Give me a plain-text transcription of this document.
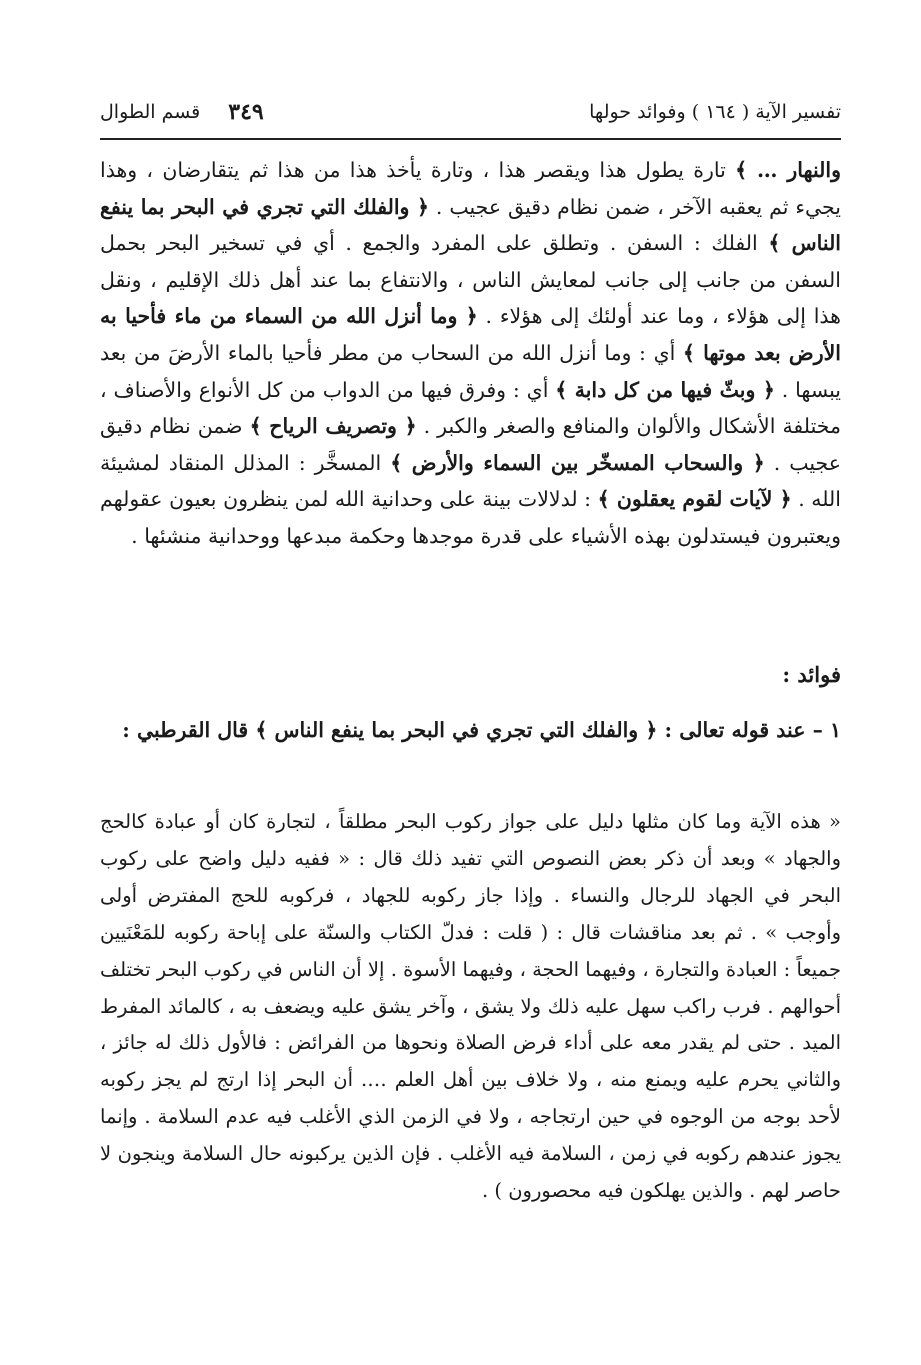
تفسير الآية ( ١٦٤ ) وفوائد حولها
قسم الطوال ٣٤٩

والنهار … ﴾ تارة يطول هذا ويقصر هذا ، وتارة يأخذ هذا من هذا ثم يتقارضان ، وهذا يجيء ثم يعقبه الآخر ، ضمن نظام دقيق عجيب . ﴿ والفلك التي تجري في البحر بما ينفع الناس ﴾ الفلك : السفن . وتطلق على المفرد والجمع . أي في تسخير البحر بحمل السفن من جانب إلى جانب لمعايش الناس ، والانتفاع بما عند أهل ذلك الإقليم ، ونقل هذا إلى هؤلاء ، وما عند أولئك إلى هؤلاء . ﴿ وما أنزل الله من السماء من ماء فأحيا به الأرض بعد موتها ﴾ أي : وما أنزل الله من السحاب من مطر فأحيا بالماء الأرضَ من بعد يبسها . ﴿ وبثّ فيها من كل دابة ﴾ أي : وفرق فيها من الدواب من كل الأنواع والأصناف ، مختلفة الأشكال والألوان والمنافع والصغر والكبر . ﴿ وتصريف الرياح ﴾ ضمن نظام دقيق عجيب . ﴿ والسحاب المسخّر بين السماء والأرض ﴾ المسخَّر : المذلل المنقاد لمشيئة الله . ﴿ لآيات لقوم يعقلون ﴾ : لدلالات بينة على وحدانية الله لمن ينظرون بعيون عقولهم ويعتبرون فيستدلون بهذه الأشياء على قدرة موجدها وحكمة مبدعها ووحدانية منشئها .

فوائد :
١ – عند قوله تعالى : ﴿ والفلك التي تجري في البحر بما ينفع الناس ﴾ قال القرطبي :

« هذه الآية وما كان مثلها دليل على جواز ركوب البحر مطلقاً ، لتجارة كان أو عبادة كالحج والجهاد » وبعد أن ذكر بعض النصوص التي تفيد ذلك قال : « ففيه دليل واضح على ركوب البحر في الجهاد للرجال والنساء . وإذا جاز ركوبه للجهاد ، فركوبه للحج المفترض أولى وأوجب » . ثم بعد مناقشات قال : ( قلت : فدلّ الكتاب والسنّة على إباحة ركوبه للمَعْنَيين جميعاً : العبادة والتجارة ، وفيهما الحجة ، وفيهما الأسوة . إلا أن الناس في ركوب البحر تختلف أحوالهم . فرب راكب سهل عليه ذلك ولا يشق ، وآخر يشق عليه ويضعف به ، كالمائد المفرط الميد . حتى لم يقدر معه على أداء فرض الصلاة ونحوها من الفرائض : فالأول ذلك له جائز ، والثاني يحرم عليه ويمنع منه ، ولا خلاف بين أهل العلم …. أن البحر إذا ارتج لم يجز ركوبه لأحد بوجه من الوجوه في حين ارتجاجه ، ولا في الزمن الذي الأغلب فيه عدم السلامة . وإنما يجوز عندهم ركوبه في زمن ، السلامة فيه الأغلب . فإن الذين يركبونه حال السلامة وينجون لا حاصر لهم . والذين يهلكون فيه محصورون ) .
